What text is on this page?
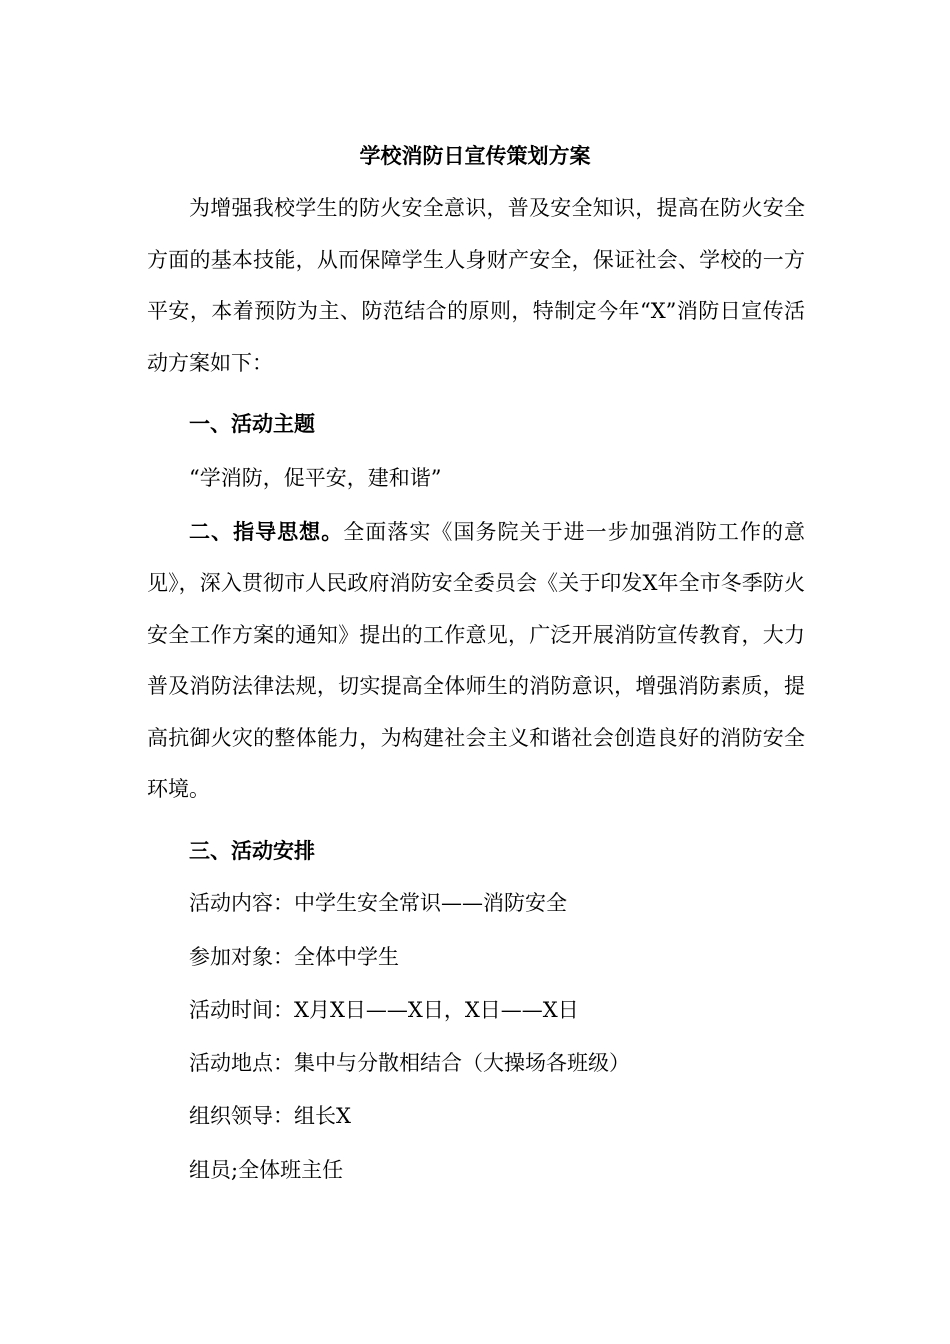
学校消防日宣传策划方案

为增强我校学生的防火安全意识，普及安全知识，提高在防火安全方面的基本技能，从而保障学生人身财产安全，保证社会、学校的一方平安，本着预防为主、防范结合的原则，特制定今年“X”消防日宣传活动方案如下：

一、活动主题

“学消防，促平安，建和谐”

二、指导思想。全面落实《国务院关于进一步加强消防工作的意见》，深入贯彻市人民政府消防安全委员会《关于印发X年全市冬季防火安全工作方案的通知》提出的工作意见，广泛开展消防宣传教育，大力普及消防法律法规，切实提高全体师生的消防意识，增强消防素质，提高抗御火灾的整体能力，为构建社会主义和谐社会创造良好的消防安全环境。

三、活动安排

活动内容：中学生安全常识——消防安全

参加对象：全体中学生

活动时间：X月X日——X日，X日——X日

活动地点：集中与分散相结合（大操场各班级）

组织领导：组长X

组员;全体班主任
